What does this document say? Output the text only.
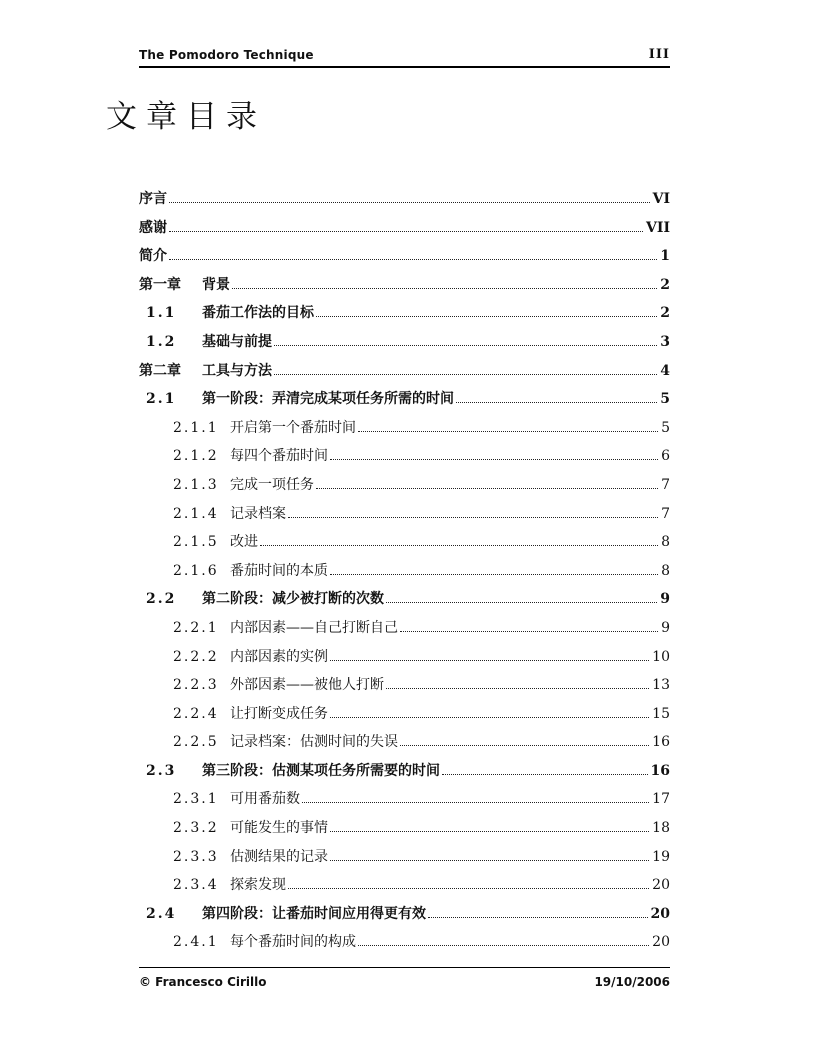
The Pomodoro Technique	III
文章目录
序言	VI
感谢	VII
简介	1
第一章	背景	2
1.1	番茄工作法的目标	2
1.2	基础与前提	3
第二章	工具与方法	4
2.1	第一阶段：弄清完成某项任务所需的时间	5
2.1.1 开启第一个番茄时间	5
2.1.2 每四个番茄时间	6
2.1.3 完成一项任务	7
2.1.4 记录档案	7
2.1.5 改进	8
2.1.6 番茄时间的本质	8
2.2	第二阶段：减少被打断的次数	9
2.2.1 内部因素——自己打断自己	9
2.2.2 内部因素的实例	10
2.2.3 外部因素——被他人打断	13
2.2.4 让打断变成任务	15
2.2.5 记录档案：估测时间的失误	16
2.3	第三阶段：估测某项任务所需要的时间	16
2.3.1 可用番茄数	17
2.3.2 可能发生的事情	18
2.3.3 估测结果的记录	19
2.3.4 探索发现	20
2.4	第四阶段：让番茄时间应用得更有效	20
2.4.1 每个番茄时间的构成	20
© Francesco Cirillo	19/10/2006
